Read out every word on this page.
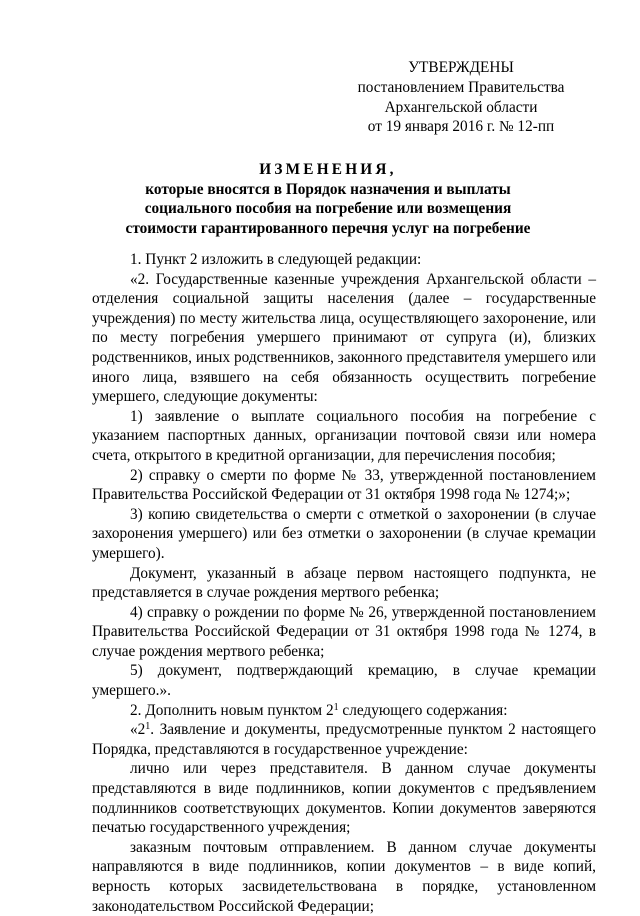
УТВЕРЖДЕНЫ
постановлением Правительства
Архангельской области
от 19 января 2016 г. № 12-пп
ИЗМЕНЕНИЯ,
которые вносятся в Порядок назначения и выплаты
социального пособия на погребение или возмещения
стоимости гарантированного перечня услуг на погребение

1. Пункт 2 изложить в следующей редакции:

«2. Государственные казенные учреждения Архангельской области – отделения социальной защиты населения (далее – государственные учреждения) по месту жительства лица, осуществляющего захоронение, или по месту погребения умершего принимают от супруга (и), близких родственников, иных родственников, законного представителя умершего или иного лица, взявшего на себя обязанность осуществить погребение умершего, следующие документы:

1) заявление о выплате социального пособия на погребение с указанием паспортных данных, организации почтовой связи или номера счета, открытого в кредитной организации, для перечисления пособия;

2) справку о смерти по форме № 33, утвержденной постановлением Правительства Российской Федерации от 31 октября 1998 года № 1274;»;

3) копию свидетельства о смерти с отметкой о захоронении (в случае захоронения умершего) или без отметки о захоронении (в случае кремации умершего).

Документ, указанный в абзаце первом настоящего подпункта, не представляется в случае рождения мертвого ребенка;

4) справку о рождении по форме № 26, утвержденной постановлением Правительства Российской Федерации от 31 октября 1998 года № 1274, в случае рождения мертвого ребенка;

5) документ, подтверждающий кремацию, в случае кремации умершего.».

2. Дополнить новым пунктом $2^1$ следующего содержания:

«$2^1$. Заявление и документы, предусмотренные пунктом 2 настоящего Порядка, представляются в государственное учреждение:

лично или через представителя. В данном случае документы представляются в виде подлинников, копии документов с предъявлением подлинников соответствующих документов. Копии документов заверяются печатью государственного учреждения;

заказным почтовым отправлением. В данном случае документы направляются в виде подлинников, копии документов – в виде копий, верность которых засвидетельствована в порядке, установленном законодательством Российской Федерации;
